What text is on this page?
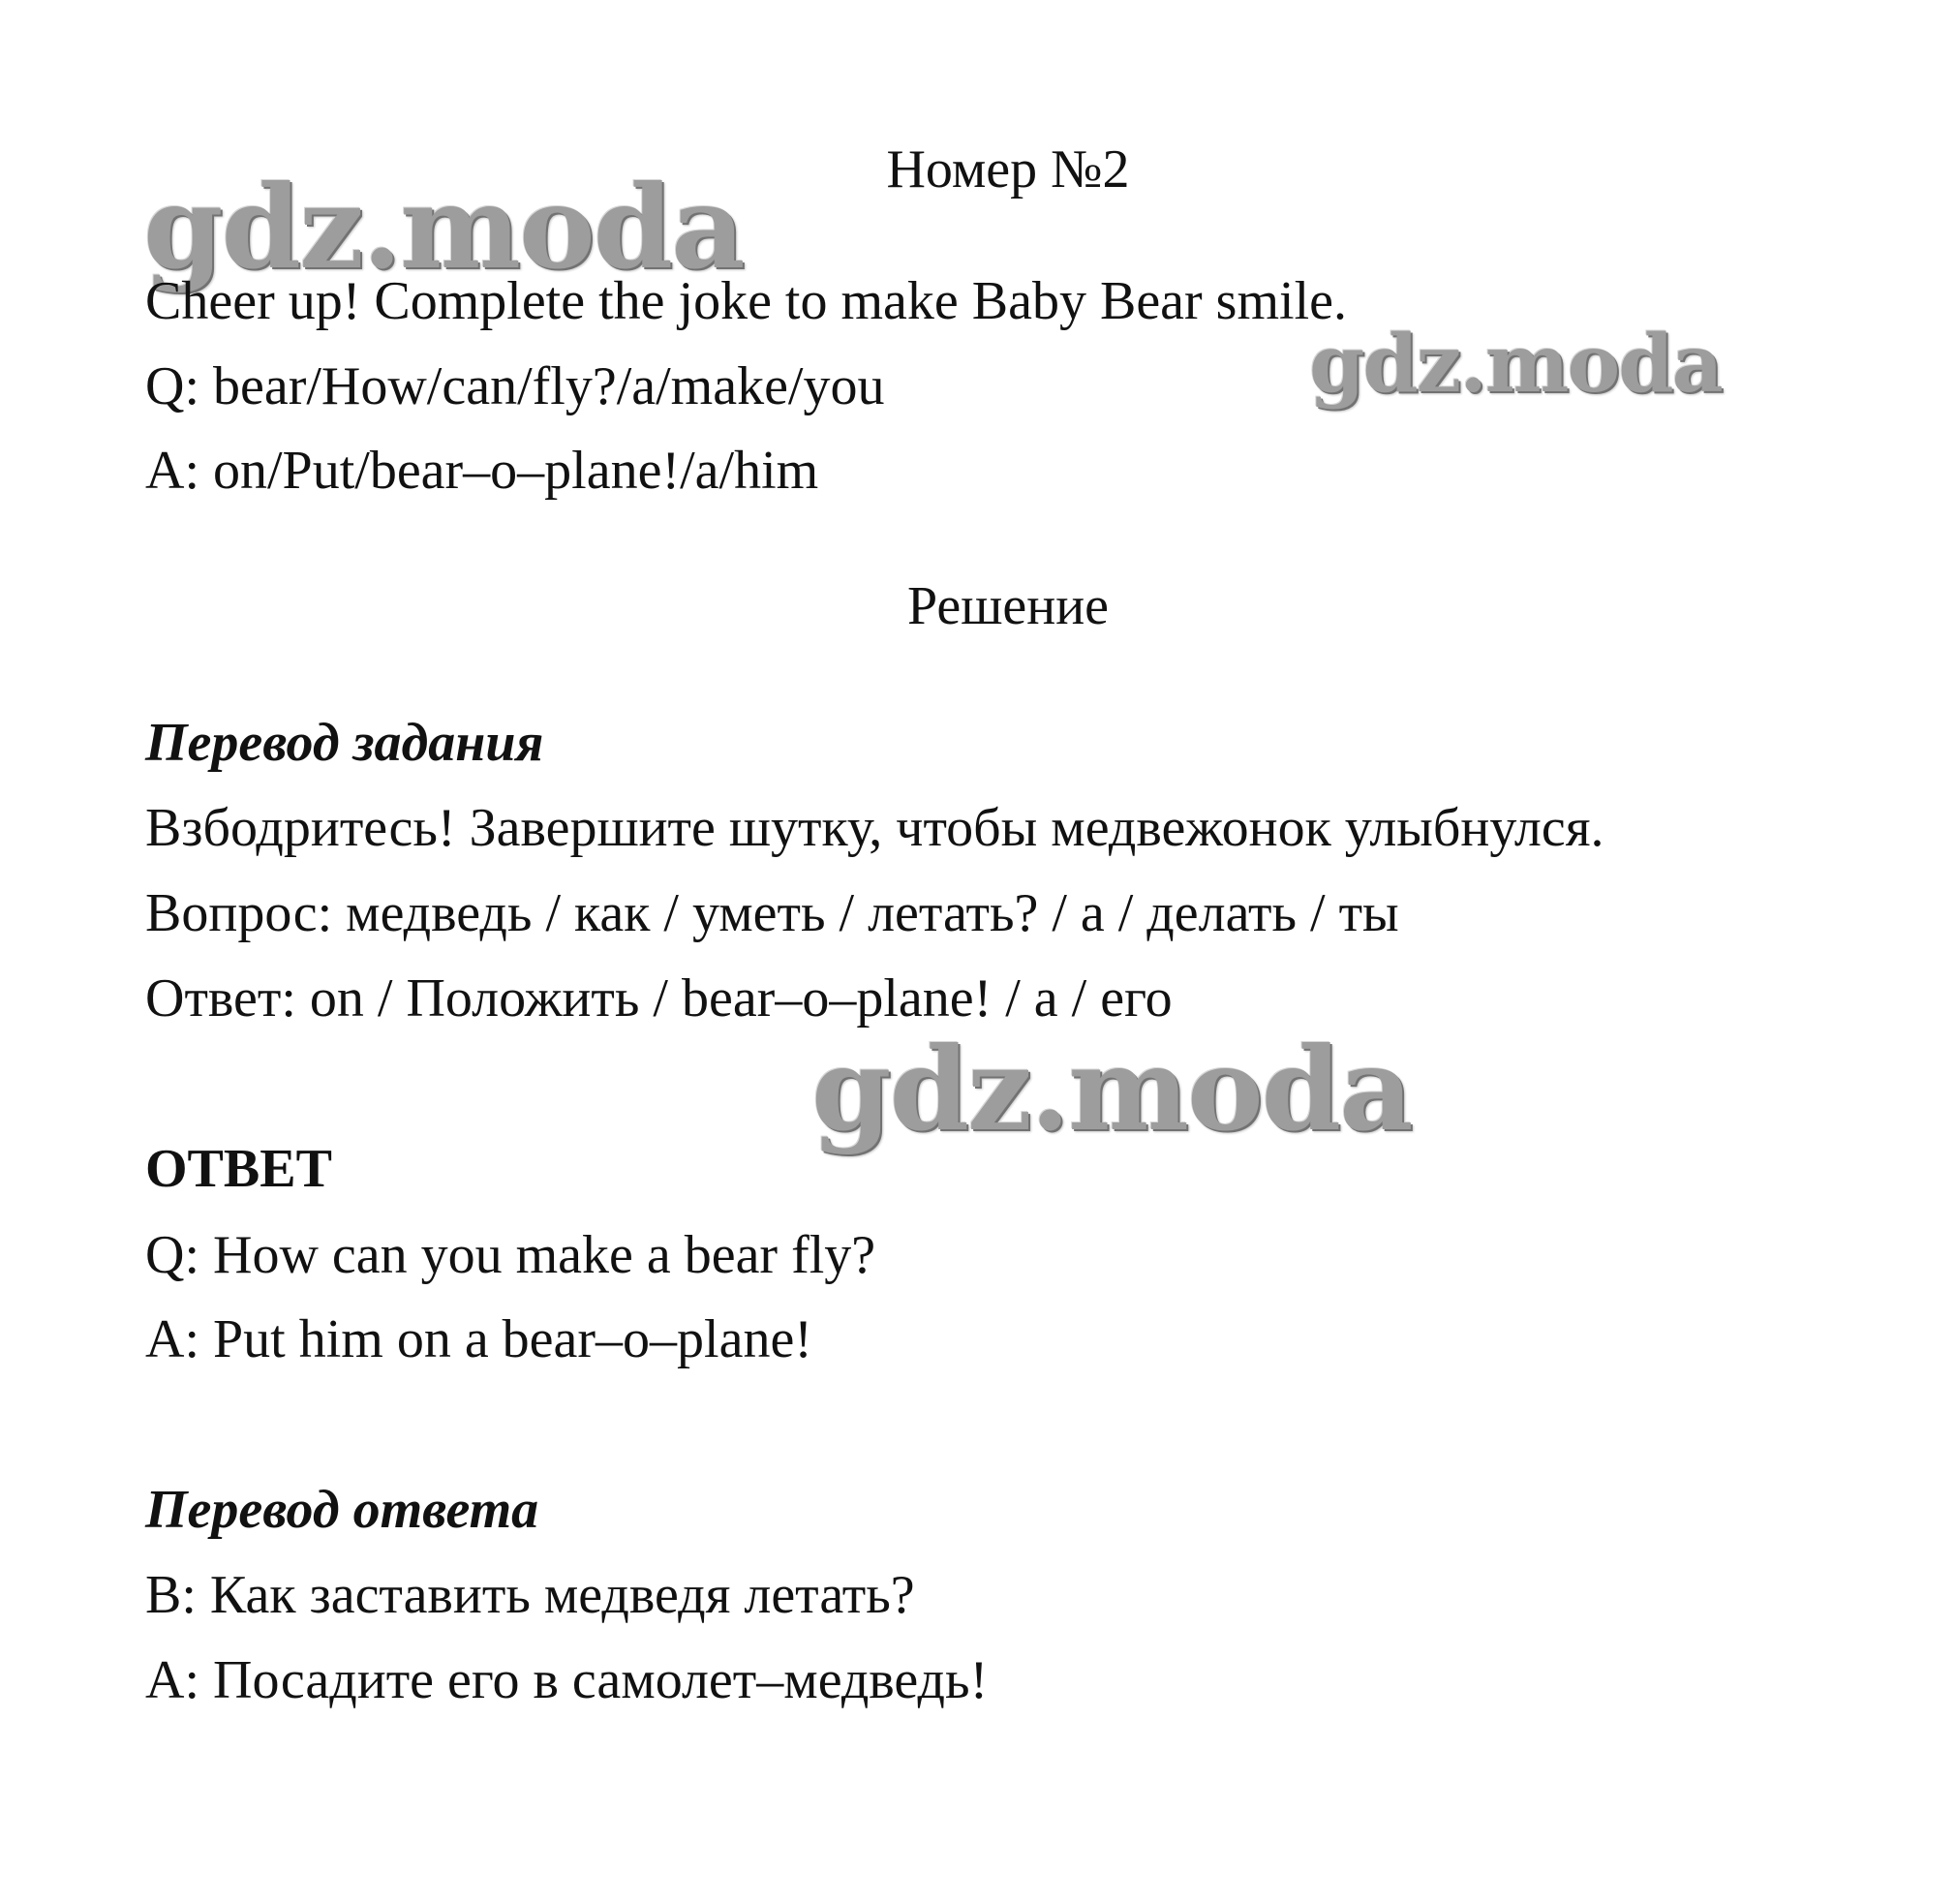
gdz.moda
gdz.moda
gdz.moda

Номер №2

Cheer up! Complete the joke to make Baby Bear smile.

Q: bear/How/can/fly?/a/make/you

A: on/Put/bear–o–plane!/a/him

Решение

Перевод задания

Взбодритесь! Завершите шутку, чтобы медвежонок улыбнулся.

Вопрос: медведь / как / уметь / летать? / а / делать / ты

Ответ: on / Положить / bear–o–plane! / а / его

ОТВЕТ

Q: How can you make a bear fly?

A: Put him on a bear–o–plane!

Перевод ответа

В: Как заставить медведя летать?

А: Посадите его в самолет–медведь!
